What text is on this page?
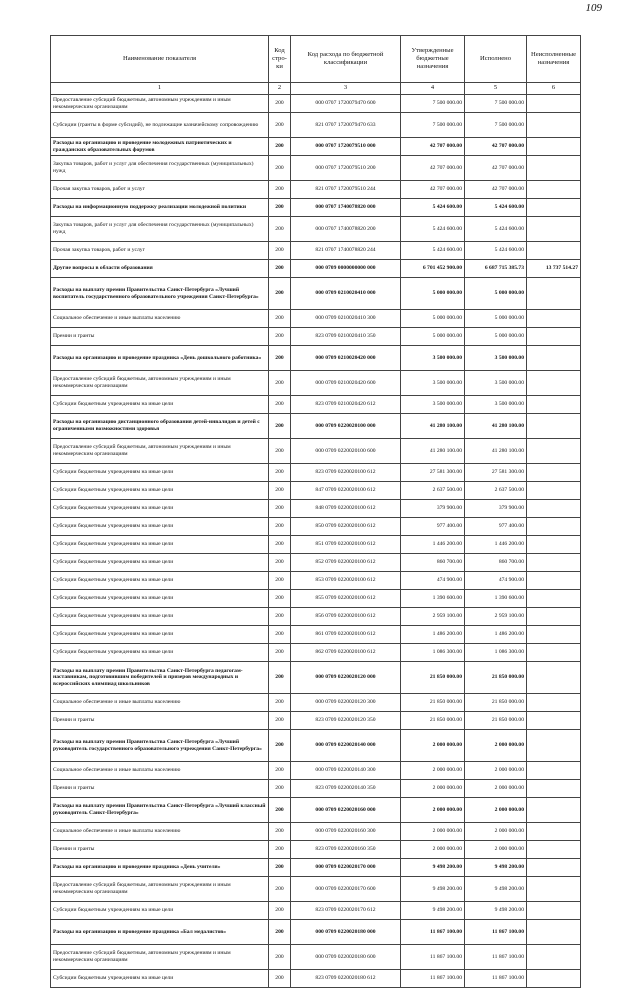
109
Наименование показателя	Код стро-ки	Код расхода по бюджетной классификации	Утвержденные бюджетные назначения	Исполнено	Неисполненные назначения
1	2	3	4	5	6
Предоставление субсидий бюджетным, автономным учреждениям и иным некоммерческим организациям	200	000 0707 1720079470 600	7 500 000.00	7 500 000.00	
Субсидии (гранты в форме субсидий), не подлежащие казначейскому сопровождению	200	821 0707 1720079470 633	7 500 000.00	7 500 000.00	
Расходы на организацию и проведение молодежных патриотических и гражданских образовательных форумов	200	000 0707 1720079510 000	42 707 000.00	42 707 000.00	
Закупка товаров, работ и услуг для обеспечения государственных (муниципальных) нужд	200	000 0707 1720079510 200	42 707 000.00	42 707 000.00	
Прочая закупка товаров, работ и услуг	200	821 0707 1720079510 244	42 707 000.00	42 707 000.00	
Расходы на информационную поддержку реализации молодежной политики	200	000 0707 1740078820 000	5 424 600.00	5 424 600.00	
Закупка товаров, работ и услуг для обеспечения государственных (муниципальных) нужд	200	000 0707 1740078820 200	5 424 600.00	5 424 600.00	
Прочая закупка товаров, работ и услуг	200	821 0707 1740078820 244	5 424 600.00	5 424 600.00	
Другие вопросы в области образования	200	000 0709 0000000000 000	6 701 452 900.00	6 687 715 385.73	13 737 514.27
Расходы на выплату премии Правительства Санкт-Петербурга «Лучший воспитатель государственного образовательного учреждения Санкт-Петербурга»	200	000 0709 0210020410 000	5 000 000.00	5 000 000.00	
Социальное обеспечение и иные выплаты населению	200	000 0709 0210020410 300	5 000 000.00	5 000 000.00	
Премии и гранты	200	823 0709 0210020410 350	5 000 000.00	5 000 000.00	
Расходы на организацию и проведение праздника «День дошкольного работника»	200	000 0709 0210020420 000	3 500 000.00	3 500 000.00	
Предоставление субсидий бюджетным, автономным учреждениям и иным некоммерческим организациям	200	000 0709 0210020420 600	3 500 000.00	3 500 000.00	
Субсидии бюджетным учреждениям на иные цели	200	823 0709 0210020420 612	3 500 000.00	3 500 000.00	
Расходы на организацию дистанционного образования детей-инвалидов и детей с ограниченными возможностями здоровья	200	000 0709 0220020100 000	41 280 100.00	41 280 100.00	
Предоставление субсидий бюджетным, автономным учреждениям и иным некоммерческим организациям	200	000 0709 0220020100 600	41 280 100.00	41 280 100.00	
Субсидии бюджетным учреждениям на иные цели	200	823 0709 0220020100 612	27 581 300.00	27 581 300.00	
Субсидии бюджетным учреждениям на иные цели	200	847 0709 0220020100 612	2 637 500.00	2 637 500.00	
Субсидии бюджетным учреждениям на иные цели	200	848 0709 0220020100 612	379 900.00	379 900.00	
Субсидии бюджетным учреждениям на иные цели	200	850 0709 0220020100 612	977 400.00	977 400.00	
Субсидии бюджетным учреждениям на иные цели	200	851 0709 0220020100 612	1 446 200.00	1 446 200.00	
Субсидии бюджетным учреждениям на иные цели	200	852 0709 0220020100 612	860 700.00	860 700.00	
Субсидии бюджетным учреждениям на иные цели	200	853 0709 0220020100 612	474 900.00	474 900.00	
Субсидии бюджетным учреждениям на иные цели	200	855 0709 0220020100 612	1 390 600.00	1 390 600.00	
Субсидии бюджетным учреждениям на иные цели	200	856 0709 0220020100 612	2 959 100.00	2 959 100.00	
Субсидии бюджетным учреждениям на иные цели	200	861 0709 0220020100 612	1 486 200.00	1 486 200.00	
Субсидии бюджетным учреждениям на иные цели	200	862 0709 0220020100 612	1 086 300.00	1 086 300.00	
Расходы на выплату премии Правительства Санкт-Петербурга педагогам-наставникам, подготовившим победителей и призеров международных и всероссийских олимпиад школьников	200	000 0709 0220020120 000	21 850 000.00	21 850 000.00	
Социальное обеспечение и иные выплаты населению	200	000 0709 0220020120 300	21 850 000.00	21 850 000.00	
Премии и гранты	200	823 0709 0220020120 350	21 850 000.00	21 850 000.00	
Расходы на выплату премии Правительства Санкт-Петербурга «Лучший руководитель государственного образовательного учреждения Санкт-Петербурга»	200	000 0709 0220020140 000	2 000 000.00	2 000 000.00	
Социальное обеспечение и иные выплаты населению	200	000 0709 0220020140 300	2 000 000.00	2 000 000.00	
Премии и гранты	200	823 0709 0220020140 350	2 000 000.00	2 000 000.00	
Расходы на выплату премии Правительства Санкт-Петербурга «Лучший классный руководитель Санкт-Петербурга»	200	000 0709 0220020160 000	2 000 000.00	2 000 000.00	
Социальное обеспечение и иные выплаты населению	200	000 0709 0220020160 300	2 000 000.00	2 000 000.00	
Премии и гранты	200	823 0709 0220020160 350	2 000 000.00	2 000 000.00	
Расходы на организацию и проведение праздника «День учителя»	200	000 0709 0220020170 000	9 498 200.00	9 498 200.00	
Предоставление субсидий бюджетным, автономным учреждениям и иным некоммерческим организациям	200	000 0709 0220020170 600	9 498 200.00	9 498 200.00	
Субсидии бюджетным учреждениям на иные цели	200	823 0709 0220020170 612	9 498 200.00	9 498 200.00	
Расходы на организацию и проведение праздника «Бал медалистов»	200	000 0709 0220020180 000	11 867 100.00	11 867 100.00	
Предоставление субсидий бюджетным, автономным учреждениям и иным некоммерческим организациям	200	000 0709 0220020180 600	11 867 100.00	11 867 100.00	
Субсидии бюджетным учреждениям на иные цели	200	823 0709 0220020180 612	11 867 100.00	11 867 100.00	
